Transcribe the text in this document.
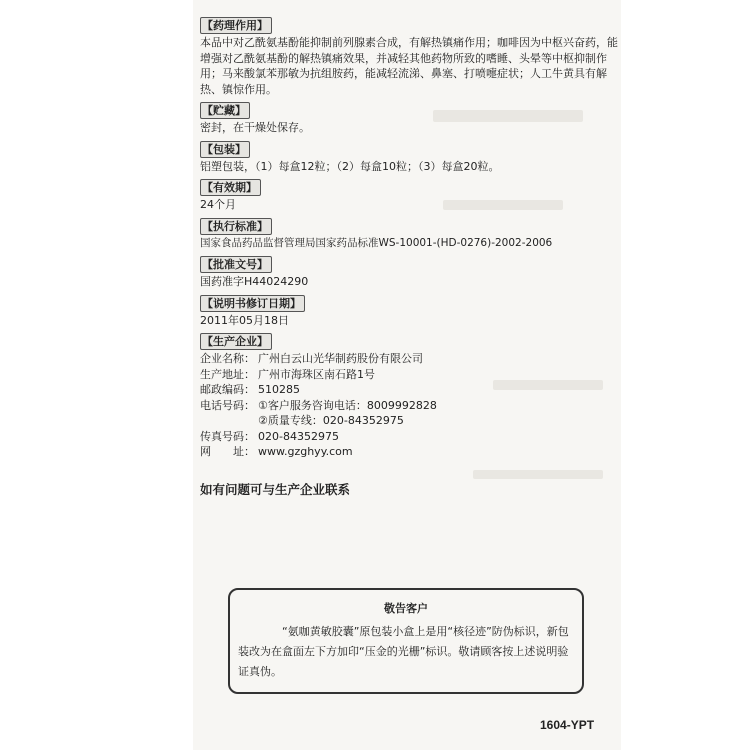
【药理作用】
本品中对乙酰氨基酚能抑制前列腺素合成，有解热镇痛作用；咖啡因为中枢兴奋药，能增强对乙酰氨基酚的解热镇痛效果，并减轻其他药物所致的嗜睡、头晕等中枢抑制作用；马来酸氯苯那敏为抗组胺药，能减轻流涕、鼻塞、打喷嚏症状；人工牛黄具有解热、镇惊作用。
【贮藏】
密封，在干燥处保存。
【包装】
铝塑包装，（1）每盒12粒；（2）每盒10粒；（3）每盒20粒。
【有效期】
24个月
【执行标准】
国家食品药品监督管理局国家药品标准WS-10001-(HD-0276)-2002-2006
【批准文号】
国药准字H44024290
【说明书修订日期】
2011年05月18日
【生产企业】
企业名称： 广州白云山光华制药股份有限公司
生产地址： 广州市海珠区南石路1号
邮政编码： 510285
电话号码： ①客户服务咨询电话：8009992828
②质量专线：020-84352975
传真号码： 020-84352975
网　　址： www.gzghyy.com
如有问题可与生产企业联系
敬告客户
“氨咖黄敏胶囊”原包装小盒上是用“核径迹”防伪标识，新包装改为在盒面左下方加印“压金的光栅”标识。敬请顾客按上述说明验证真伪。
1604-YPT
